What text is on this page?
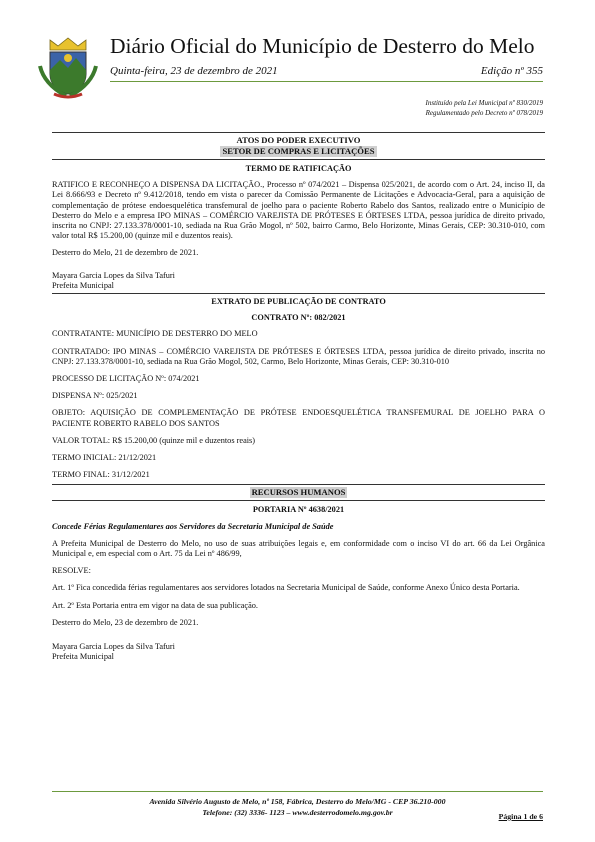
Diário Oficial do Município de Desterro do Melo
Quinta-feira, 23 de dezembro de 2021	Edição nº 355
Instituído pela Lei Municipal nº 830/2019
Regulamentado pelo Decreto nº 078/2019
ATOS DO PODER EXECUTIVO
SETOR DE COMPRAS E LICITAÇÕES
TERMO DE RATIFICAÇÃO

RATIFICO E RECONHEÇO A DISPENSA DA LICITAÇÃO., Processo nº 074/2021 – Dispensa 025/2021, de acordo com o Art. 24, inciso II, da Lei 8.666/93 e Decreto nº 9.412/2018, tendo em vista o parecer da Comissão Permanente de Licitações e Advocacia-Geral, para a aquisição de complementação de prótese endoesquelética transfemural de joelho para o paciente Roberto Rabelo dos Santos, realizado entre o Município de Desterro do Melo e a empresa IPO MINAS – COMÉRCIO VAREJISTA DE PRÓTESES E ÓRTESES LTDA, pessoa jurídica de direito privado, inscrita no CNPJ: 27.133.378/0001-10, sediada na Rua Grão Mogol, nº 502, bairro Carmo, Belo Horizonte, Minas Gerais, CEP: 30.310-010, com valor total R$ 15.200,00 (quinze mil e duzentos reais).

Desterro do Melo, 21 de dezembro de 2021.

Mayara Garcia Lopes da Silva Tafuri
Prefeita Municipal
EXTRATO DE PUBLICAÇÃO DE CONTRATO
CONTRATO Nº: 082/2021

CONTRATANTE: MUNICÍPIO DE DESTERRO DO MELO

CONTRATADO: IPO MINAS – COMÉRCIO VAREJISTA DE PRÓTESES E ÓRTESES LTDA, pessoa jurídica de direito privado, inscrita no CNPJ: 27.133.378/0001-10, sediada na Rua Grão Mogol, 502, Carmo, Belo Horizonte, Minas Gerais, CEP: 30.310-010

PROCESSO DE LICITAÇÃO Nº: 074/2021

DISPENSA Nº: 025/2021

OBJETO: AQUISIÇÃO DE COMPLEMENTAÇÃO DE PRÓTESE ENDOESQUELÉTICA TRANSFEMURAL DE JOELHO PARA O PACIENTE ROBERTO RABELO DOS SANTOS

VALOR TOTAL: R$ 15.200,00 (quinze mil e duzentos reais)

TERMO INICIAL: 21/12/2021

TERMO FINAL: 31/12/2021

RECURSOS HUMANOS
PORTARIA Nº 4638/2021

Concede Férias Regulamentares aos Servidores da Secretaria Municipal de Saúde

A Prefeita Municipal de Desterro do Melo, no uso de suas atribuições legais e, em conformidade com o inciso VI do art. 66 da Lei Orgânica Municipal e, em especial com o Art. 75 da Lei nº 486/99,

RESOLVE:

Art. 1º Fica concedida férias regulamentares aos servidores lotados na Secretaria Municipal de Saúde, conforme Anexo Único desta Portaria.

Art. 2º Esta Portaria entra em vigor na data de sua publicação.

Desterro do Melo, 23 de dezembro de 2021.

Mayara Garcia Lopes da Silva Tafuri
Prefeita Municipal
Avenida Silvério Augusto de Melo, nº 158, Fábrica, Desterro do Melo/MG - CEP 36.210-000
Telefone: (32) 3336- 1123 – www.desterrodomelo.mg.gov.br	Página 1 de 6
